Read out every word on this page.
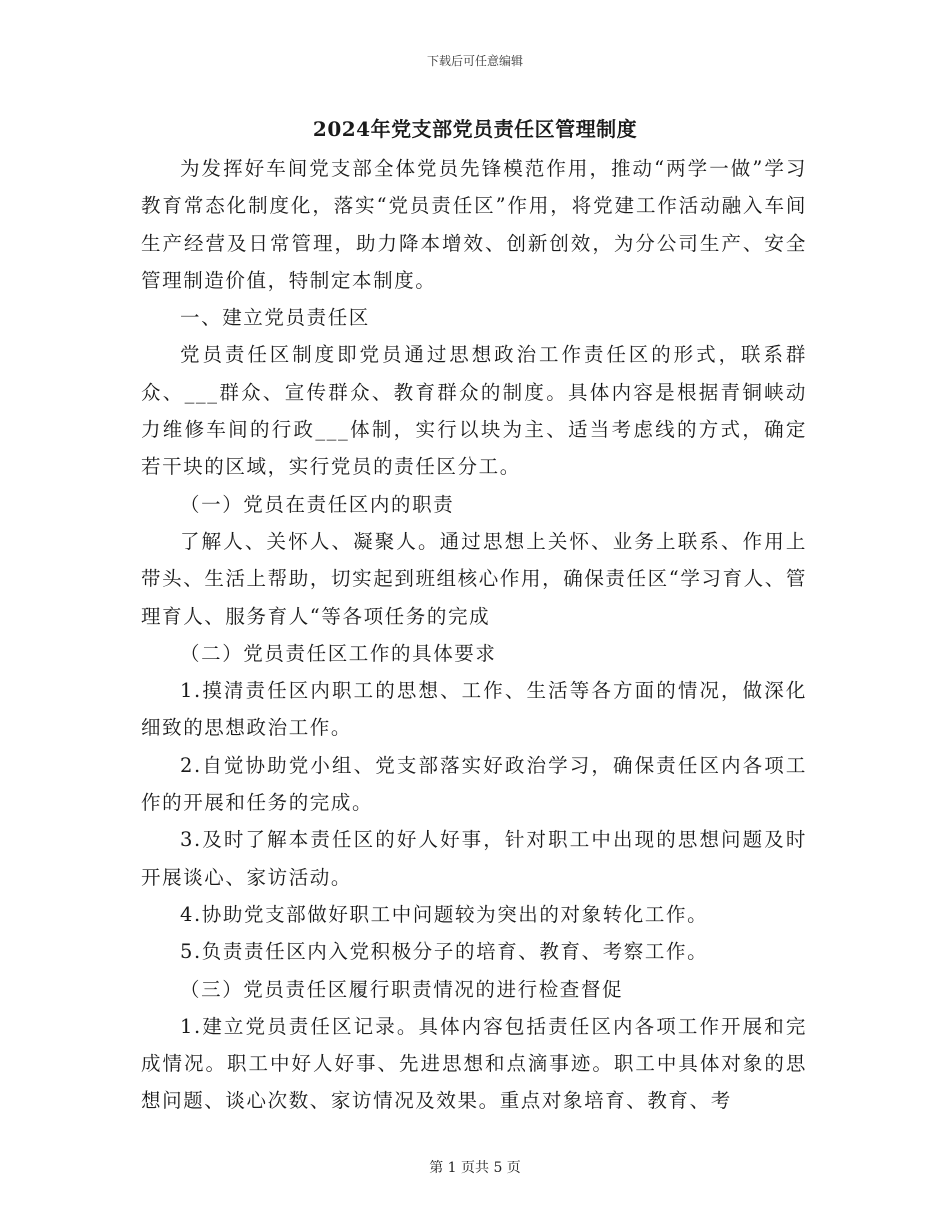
下载后可任意编辑
2024年党支部党员责任区管理制度

为发挥好车间党支部全体党员先锋模范作用，推动“两学一做”学习教育常态化制度化，落实“党员责任区”作用，将党建工作活动融入车间生产经营及日常管理，助力降本增效、创新创效，为分公司生产、安全管理制造价值，特制定本制度。

一、建立党员责任区

党员责任区制度即党员通过思想政治工作责任区的形式，联系群众、___群众、宣传群众、教育群众的制度。具体内容是根据青铜峡动力维修车间的行政___体制，实行以块为主、适当考虑线的方式，确定若干块的区域，实行党员的责任区分工。

（一）党员在责任区内的职责

了解人、关怀人、凝聚人。通过思想上关怀、业务上联系、作用上带头、生活上帮助，切实起到班组核心作用，确保责任区“学习育人、管理育人、服务育人“等各项任务的完成

（二）党员责任区工作的具体要求

1.摸清责任区内职工的思想、工作、生活等各方面的情况，做深化细致的思想政治工作。

2.自觉协助党小组、党支部落实好政治学习，确保责任区内各项工作的开展和任务的完成。

3.及时了解本责任区的好人好事，针对职工中出现的思想问题及时开展谈心、家访活动。

4.协助党支部做好职工中问题较为突出的对象转化工作。

5.负责责任区内入党积极分子的培育、教育、考察工作。

（三）党员责任区履行职责情况的进行检查督促

1.建立党员责任区记录。具体内容包括责任区内各项工作开展和完成情况。职工中好人好事、先进思想和点滴事迹。职工中具体对象的思想问题、谈心次数、家访情况及效果。重点对象培育、教育、考

第 1 页共 5 页
